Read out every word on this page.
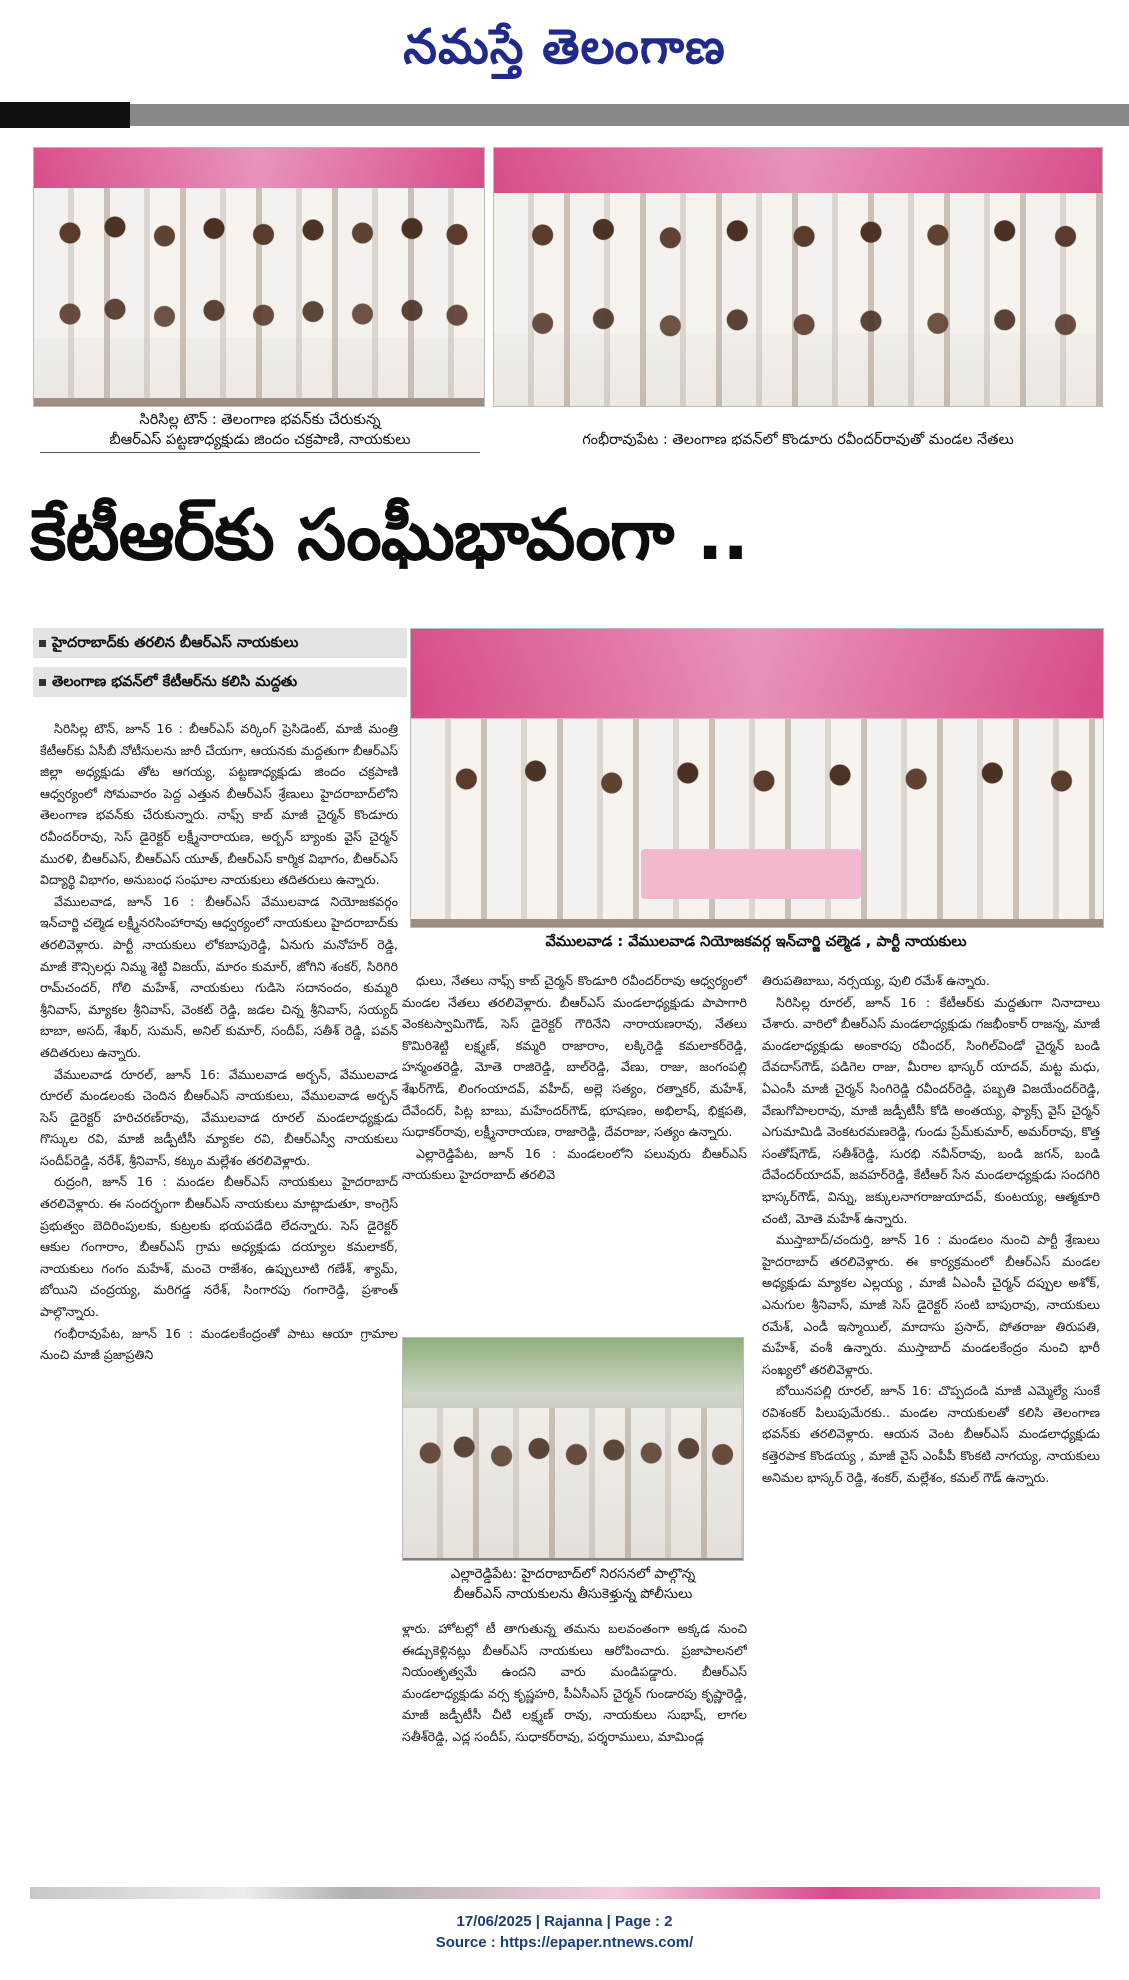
నమస్తే తెలంగాణ
సిరిసిల్ల టౌన్ : తెలంగాణ భవన్‌కు చేరుకున్న
బీఆర్ఎస్ పట్టణాధ్యక్షుడు జిందం చక్రపాణి, నాయకులు	గంభీరావుపేట : తెలంగాణ భవన్‌లో కొండూరు రవీందర్‌రావుతో మండల నేతలు
కేటీఆర్‌కు సంఘీభావంగా ..
హైదరాబాద్‌కు తరలిన బీఆర్ఎస్ నాయకులు
తెలంగాణ భవన్‌లో కేటీఆర్‌ను కలిసి మద్దతు
వేములవాడ : వేములవాడ నియోజకవర్గ ఇన్‌చార్జి చల్మెడ , పార్టీ నాయకులు

సిరిసిల్ల టౌన్, జూన్ 16 : బీఆర్ఎస్ వర్కింగ్ ప్రెసిడెంట్, మాజీ మంత్రి కేటీఆర్‌కు ఏసీబీ నోటీసులను జారీ చేయగా, ఆయనకు మద్దతుగా బీఆర్ఎస్ జిల్లా అధ్యక్షుడు తోట ఆగయ్య, పట్టణాధ్యక్షుడు జిందం చక్రపాణి ఆధ్వర్యంలో సోమవారం పెద్ద ఎత్తున బీఆర్ఎస్ శ్రేణులు హైదరాబాద్‌లోని తెలంగాణ భవన్‌కు చేరుకున్నారు. నాఫ్స్ కాబ్ మాజీ చైర్మన్ కొండూరు రవీందర్‌రావు, సెస్ డైరెక్టర్ లక్ష్మీనారాయణ, అర్బన్ బ్యాంకు వైస్ చైర్మన్ మురళి, బీఆర్ఎస్, బీఆర్ఎస్ యూత్, బీఆర్ఎస్ కార్మిక విభాగం, బీఆర్ఎస్ విద్యార్థి విభాగం, అనుబంధ సంఘాల నాయకులు తదితరులు ఉన్నారు.

వేములవాడ, జూన్ 16 : బీఆర్ఎస్ వేములవాడ నియోజకవర్గం ఇన్‌చార్జి చల్మెడ లక్ష్మీనరసింహారావు ఆధ్వర్యంలో నాయకులు హైదరాబాద్‌కు తరలివెళ్లారు. పార్టీ నాయకులు లోకబాపురెడ్డి, ఏనుగు మనోహర్ రెడ్డి, మాజీ కౌన్సిలర్లు నిమ్మ శెట్టి విజయ్, మారం కుమార్, జోగిని శంకర్, సిరిగిరి రామ్‌చందర్, గోలి మహేశ్, నాయకులు గుడిసె సదానందం, కుమ్మరి శ్రీనివాస్, మ్యాకల శ్రీనివాస్, వెంకట్ రెడ్డి, జడల చిన్న శ్రీనివాస్, సయ్యద్ బాబా, అసద్, శేఖర్, సుమన్, అనిల్ కుమార్, సందీప్, సతీశ్ రెడ్డి, పవన్ తదితరులు ఉన్నారు.

వేములవాడ రూరల్, జూన్ 16: వేములవాడ అర్బన్, వేములవాడ రూరల్ మండలంకు చెందిన బీఆర్ఎస్ నాయకులు, వేములవాడ అర్బన్ సెస్ డైరెక్టర్ హరిచరణ్‌రావు, వేములవాడ రూరల్ మండలాధ్యక్షుడు గొస్కుల రవి, మాజీ జడ్పీటీసీ మ్యాకల రవి, బీఆర్ఎస్వీ నాయకులు సందీప్‌రెడ్డి, నరేశ్, శ్రీనివాస్, కట్కం మల్లేశం తరలివెళ్లారు.

రుద్రంగి, జూన్ 16 : మండల బీఆర్ఎస్ నాయకులు హైదరాబాద్ తరలివెళ్లారు. ఈ సందర్భంగా బీఆర్ఎస్ నాయకులు మాట్లాడుతూ, కాంగ్రెస్ ప్రభుత్వం బెదిరింపులకు, కుట్రలకు భయపడేది లేదన్నారు. సెస్ డైరెక్టర్ ఆకుల గంగారాం, బీఆర్ఎస్ గ్రామ అధ్యక్షుడు దయ్యాల కమలాకర్, నాయకులు గంగం మహేశ్, మంచె రాజేశం, ఉప్పులూటి గణేశ్, శ్యామ్, బోయిని చంద్రయ్య, మరిగడ్డ నరేశ్, సింగారపు గంగారెడ్డి, ప్రశాంత్ పాల్గొన్నారు.

గంభీరావుపేట, జూన్ 16 : మండలకేంద్రంతో పాటు ఆయా గ్రామాల నుంచి మాజీ ప్రజాప్రతిని

ధులు, నేతలు నాఫ్స్ కాబ్ చైర్మన్ కొండూరి రవీందర్‌రావు ఆధ్వర్యంలో మండల నేతలు తరలివెళ్లారు. బీఆర్ఎస్ మండలాధ్యక్షుడు పాపాగారి వెంకటస్వామిగౌడ్, సెస్ డైరెక్టర్ గౌరినేని నారాయణరావు, నేతలు కొమిరిశెట్టి లక్ష్మణ్, కమ్మరి రాజారాం, లక్కిరెడ్డి కమలాకర్‌రెడ్డి, హన్మంతరెడ్డి, మోతె రాజిరెడ్డి, బాల్‌రెడ్డి, వేణు, రాజు, జంగంపల్లి శేఖర్‌గౌడ్, లింగంయాదవ్, వహీద్, అల్లె సత్యం, రత్నాకర్, మహేశ్, దేవేందర్, పిట్ల బాబు, మహేందర్‌గౌడ్, భూషణం, అభిలాష్, భిక్షపతి, సుధాకర్‌రావు, లక్ష్మీనారాయణ, రాజారెడ్డి, దేవరాజు, సత్యం ఉన్నారు.

ఎల్లారెడ్డిపేట, జూన్ 16 : మండలంలోని పలువురు బీఆర్ఎస్ నాయకులు హైదరాబాద్ తరలివె

ఎల్లారెడ్డిపేట: హైదరాబాద్‌లో నిరసనలో పాల్గొన్న
బీఆర్ఎస్ నాయకులను తీసుకెళ్తున్న పోలీసులు

ళ్లారు. హోటల్లో టీ తాగుతున్న తమను బలవంతంగా అక్కడ నుంచి ఈడ్చుకెళ్లినట్లు బీఆర్ఎస్ నాయకులు ఆరోపించారు. ప్రజాపాలనలో నియంతృత్వమే ఉందని వారు మండిపడ్డారు. బీఆర్ఎస్ మండలాధ్యక్షుడు వర్స కృష్ణహరి, పీఏసీఎస్ చైర్మన్ గుండారపు కృష్ణారెడ్డి, మాజీ జడ్పీటీసీ చీటి లక్ష్మణ్ రావు, నాయకులు సుభాష్, లాగల సతీశ్‌రెడ్డి, ఎద్ల సందీప్, సుధాకర్‌రావు, పర్శరాములు, మామిండ్ల

తిరుపతిబాబు, నర్సయ్య, పులి రమేశ్ ఉన్నారు.

సిరిసిల్ల రూరల్, జూన్ 16 : కేటీఆర్‌కు మద్దతుగా నినాదాలు చేశారు. వారిలో బీఆర్ఎస్ మండలాధ్యక్షుడు గజభీంకార్ రాజన్న, మాజీ మండలాధ్యక్షుడు అంకారపు రవీందర్, సింగిల్‌విండో చైర్మన్ బండి దేవదాస్‌గౌడ్, పడిగెల రాజు, మీరాల భాస్కర్ యాదవ్, మట్ట మధు, ఏఎంసీ మాజీ చైర్మన్ సింగిరెడ్డి రవీందర్‌రెడ్డి, పబ్బతి విజయేందర్‌రెడ్డి, వేణుగోపాలరావు, మాజీ జడ్పీటీసీ కోడి అంతయ్య, ఫ్యాక్స్ వైస్ చైర్మన్ ఎగుమామిడి వెంకటరమణరెడ్డి, గుండు ప్రేమ్‌కుమార్, అమర్‌రావు, కొత్త సంతోష్‌గౌడ్, సతీశ్‌రెడ్డి, సురభి నవీన్‌రావు, బండి జగన్, బండి దేవేందర్‌యాదవ్, జవహర్‌రెడ్డి, కేటీఆర్ సేన మండలాధ్యక్షుడు సందగిరి భాస్కర్‌గౌడ్, విన్ను, జక్కులనాగరాజుయాదవ్, కుంటయ్య, ఆత్మకూరి చంటి, మోతె మహేశ్ ఉన్నారు.

ముస్తాబాద్/చందుర్తి, జూన్ 16 : మండలం నుంచి పార్టీ శ్రేణులు హైదరాబాద్ తరలివెళ్లారు. ఈ కార్యక్రమంలో బీఆర్ఎస్ మండల అధ్యక్షుడు మ్యాకల ఎల్లయ్య , మాజీ ఏఎంసీ చైర్మన్ దప్పుల అశోక్, ఎనుగుల శ్రీనివాస్, మాజీ సెస్ డైరెక్టర్ సంటి బాపురావు, నాయకులు రమేశ్, ఎండీ ఇస్మాయిల్, మాదాసు ప్రసాద్, పోతరాజు తిరుపతి, మహేశ్, వంశీ ఉన్నారు. ముస్తాబాద్ మండలకేంద్రం నుంచి భారీ సంఖ్యలో తరలివెళ్లారు.

బోయినపల్లి రూరల్, జూన్ 16: చొప్పదండి మాజీ ఎమ్మెల్యే సుంకే రవిశంకర్ పిలుపుమేరకు.. మండల నాయకులతో కలిసి తెలంగాణ భవన్‌కు తరలివెళ్లారు. ఆయన వెంట బీఆర్ఎస్ మండలాధ్యక్షుడు కత్తెరపాక కొండయ్య , మాజీ వైస్ ఎంపీపీ కొంకటి నాగయ్య, నాయకులు అనిమల భాస్కర్ రెడ్డి, శంకర్, మల్లేశం, కమల్ గౌడ్ ఉన్నారు.

17/06/2025 | Rajanna | Page : 2
Source : https://epaper.ntnews.com/
